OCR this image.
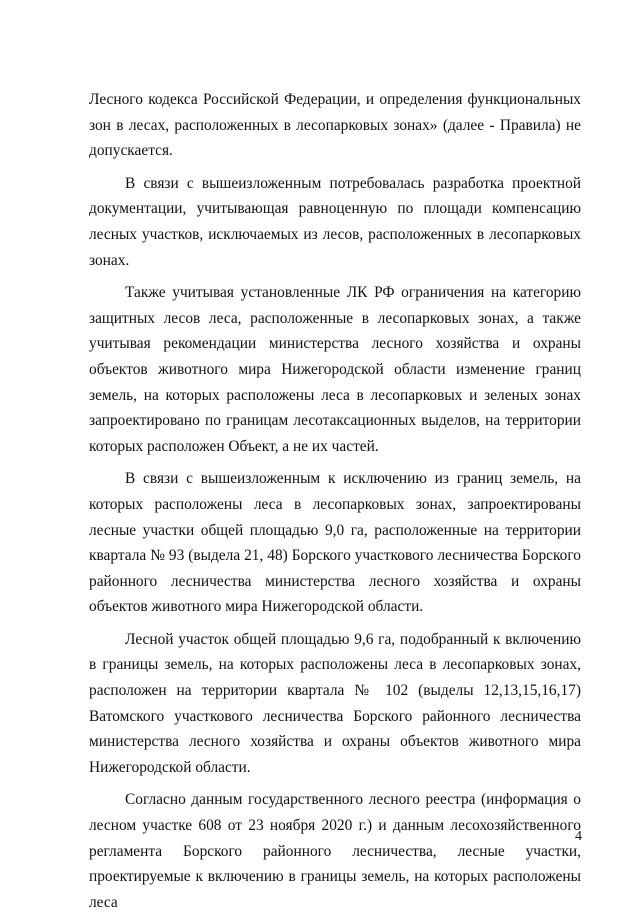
Лесного кодекса Российской Федерации, и определения функциональных зон в лесах, расположенных в лесопарковых зонах» (далее - Правила) не допускается.

В связи с вышеизложенным потребовалась разработка проектной документации, учитывающая равноценную по площади компенсацию лесных участков, исключаемых из лесов, расположенных в лесопарковых зонах.

Также учитывая установленные ЛК РФ ограничения на категорию защитных лесов леса, расположенные в лесопарковых зонах, а также учитывая рекомендации министерства лесного хозяйства и охраны объектов животного мира Нижегородской области изменение границ земель, на которых расположены леса в лесопарковых и зеленых зонах запроектировано по границам лесотаксационных выделов, на территории которых расположен Объект, а не их частей.

В связи с вышеизложенным к исключению из границ земель, на которых расположены леса в лесопарковых зонах, запроектированы лесные участки общей площадью 9,0 га, расположенные на территории квартала № 93 (выдела 21, 48) Борского участкового лесничества Борского районного лесничества министерства лесного хозяйства и охраны объектов животного мира Нижегородской области.

Лесной участок общей площадью 9,6 га, подобранный к включению в границы земель, на которых расположены леса в лесопарковых зонах, расположен на территории квартала № 102 (выделы 12,13,15,16,17) Ватомского участкового лесничества Борского районного лесничества министерства лесного хозяйства и охраны объектов животного мира Нижегородской области.

Согласно данным государственного лесного реестра (информация о лесном участке 608 от 23 ноября 2020 г.) и данным лесохозяйственного регламента Борского районного лесничества, лесные участки, проектируемые к включению в границы земель, на которых расположены леса

4
